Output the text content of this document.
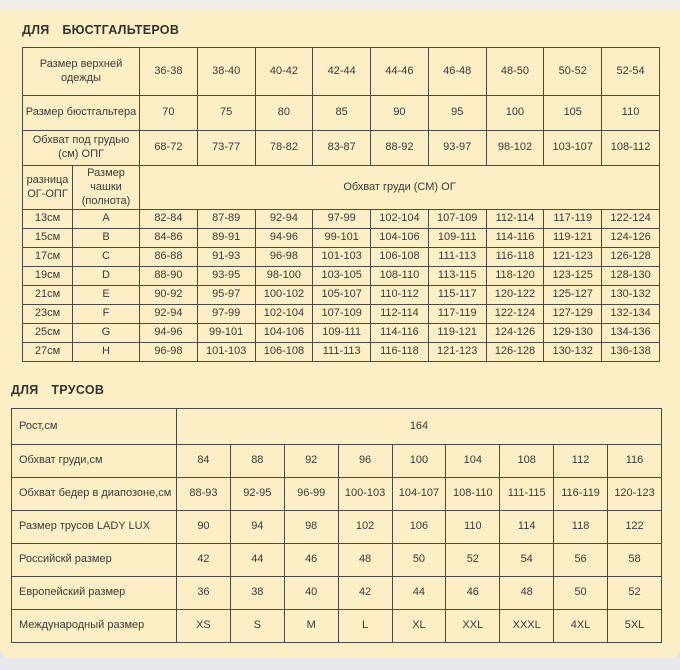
ДЛЯ БЮСТГАЛЬТЕРОВ
Размер верхней одежды		36-38	38-40	40-42	42-44	44-46	46-48	48-50	50-52	52-54
Размер бюстгальтера		70	75	80	85	90	95	100	105	110
Обхват под грудью (см) ОПГ		68-72	73-77	78-82	83-87	88-92	93-97	98-102	103-107	108-112
разница ОГ-ОПГ	Размер чашки (полнота)	Обхват груди (СМ) ОГ								
13см	A	82-84	87-89	92-94	97-99	102-104	107-109	112-114	117-119	122-124
15см	B	84-86	89-91	94-96	99-101	104-106	109-111	114-116	119-121	124-126
17см	C	86-88	91-93	96-98	101-103	106-108	111-113	116-118	121-123	126-128
19см	D	88-90	93-95	98-100	103-105	108-110	113-115	118-120	123-125	128-130
21см	E	90-92	95-97	100-102	105-107	110-112	115-117	120-122	125-127	130-132
23см	F	92-94	97-99	102-104	107-109	112-114	117-119	122-124	127-129	132-134
25см	G	94-96	99-101	104-106	109-111	114-116	119-121	124-126	129-130	134-136
27см	H	96-98	101-103	106-108	111-113	116-118	121-123	126-128	130-132	136-138
ДЛЯ ТРУСОВ
Рост,см	164								
Обхват груди,см	84	88	92	96	100	104	108	112	116
Обхват бедер в диапозоне,см	88-93	92-95	96-99	100-103	104-107	108-110	111-115	116-119	120-123
Размер трусов LADY LUX	90	94	98	102	106	110	114	118	122
Российскй размер	42	44	46	48	50	52	54	56	58
Европейский размер	36	38	40	42	44	46	48	50	52
Международный размер	XS	S	M	L	XL	XXL	XXXL	4XL	5XL
